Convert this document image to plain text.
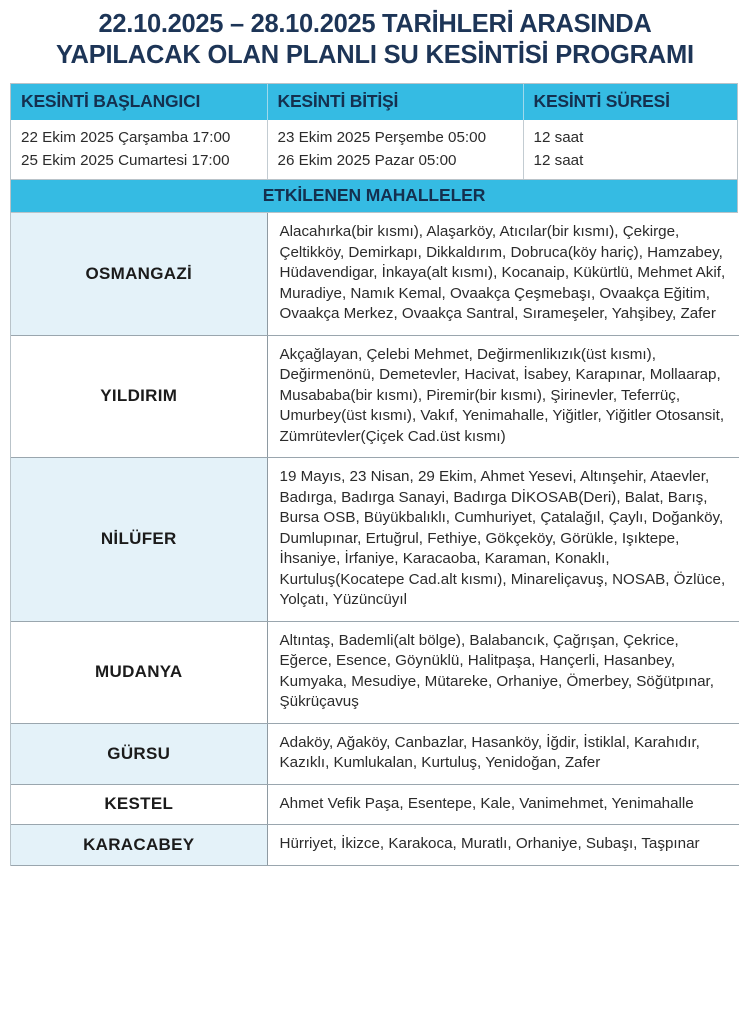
22.10.2025 – 28.10.2025 TARİHLERİ ARASINDA
YAPILACAK OLAN PLANLI SU KESİNTİSİ PROGRAMI
KESİNTİ BAŞLANGICI	KESİNTİ BİTİŞİ	KESİNTİ SÜRESİ
22 Ekim 2025 Çarşamba 17:00	23 Ekim 2025 Perşembe 05:00	12 saat
25 Ekim 2025 Cumartesi 17:00	26 Ekim 2025 Pazar 05:00	12 saat
ETKİLENEN MAHALLELER
OSMANGAZİ	Alacahırka(bir kısmı), Alaşarköy, Atıcılar(bir kısmı), Çekirge, Çeltikköy, Demirkapı, Dikkaldırım, Dobruca(köy hariç), Hamzabey, Hüdavendigar, İnkaya(alt kısmı), Kocanaip, Kükürtlü, Mehmet Akif, Muradiye, Namık Kemal, Ovaakça Çeşmebaşı, Ovaakça Eğitim, Ovaakça Merkez, Ovaakça Santral, Sırameşeler, Yahşibey, Zafer
YILDIRIM	Akçağlayan, Çelebi Mehmet, Değirmenlikızık(üst kısmı), Değirmenönü, Demetevler, Hacivat, İsabey, Karapınar, Mollaarap, Musababa(bir kısmı), Piremir(bir kısmı), Şirinevler, Teferrüç, Umurbey(üst kısmı), Vakıf, Yenimahalle, Yiğitler, Yiğitler Otosansit, Zümrütevler(Çiçek Cad.üst kısmı)
NİLÜFER	19 Mayıs, 23 Nisan, 29 Ekim, Ahmet Yesevi, Altınşehir, Ataevler, Badırga, Badırga Sanayi, Badırga DİKOSAB(Deri), Balat, Barış, Bursa OSB, Büyükbalıklı, Cumhuriyet, Çatalağıl, Çaylı, Doğanköy, Dumlupınar, Ertuğrul, Fethiye, Gökçeköy, Görükle, Işıktepe, İhsaniye, İrfaniye, Karacaoba, Karaman, Konaklı, Kurtuluş(Kocatepe Cad.alt kısmı), Minareliçavuş, NOSAB, Özlüce, Yolçatı, Yüzüncüyıl
MUDANYA	Altıntaş, Bademli(alt bölge), Balabancık, Çağrışan, Çekrice, Eğerce, Esence, Göynüklü, Halitpaşa, Hançerli, Hasanbey, Kumyaka, Mesudiye, Mütareke, Orhaniye, Ömerbey, Söğütpınar, Şükrüçavuş
GÜRSU	Adaköy, Ağaköy, Canbazlar, Hasanköy, İğdir, İstiklal, Karahıdır, Kazıklı, Kumlukalan, Kurtuluş, Yenidoğan, Zafer
KESTEL	Ahmet Vefik Paşa, Esentepe, Kale, Vanimehmet, Yenimahalle
KARACABEY	Hürriyet, İkizce, Karakoca, Muratlı, Orhaniye, Subaşı, Taşpınar
